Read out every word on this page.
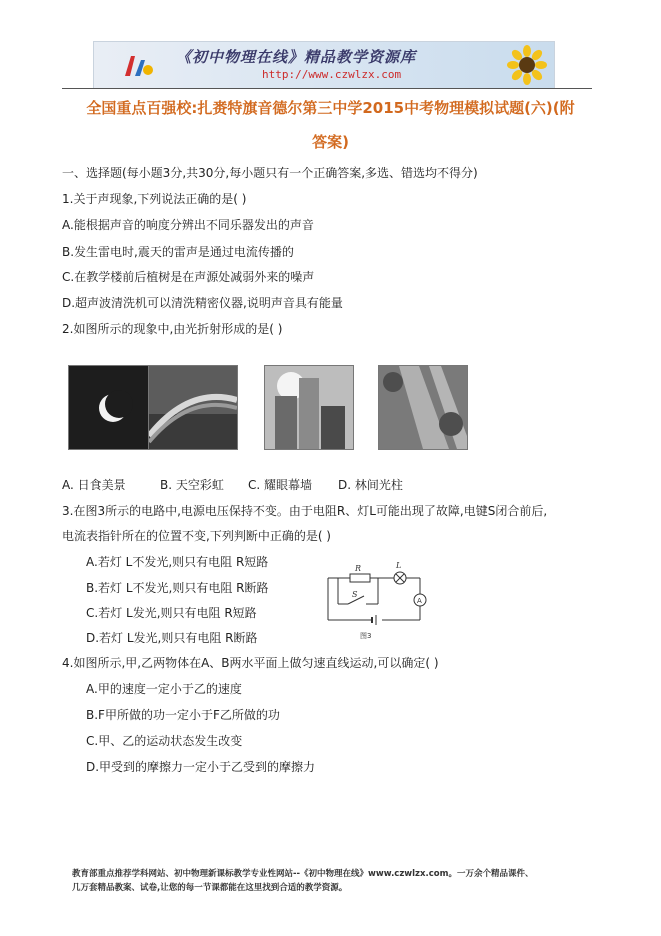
《初中物理在线》精品教学资源库
http://www.czwlzx.com
全国重点百强校:扎赉特旗音德尔第三中学2015中考物理模拟试题(六)(附
答案)
一、选择题(每小题3分,共30分,每小题只有一个正确答案,多选、错选均不得分)
1.关于声现象,下列说法正确的是( )
A.能根据声音的响度分辨出不同乐器发出的声音
B.发生雷电时,震天的雷声是通过电流传播的
C.在教学楼前后植树是在声源处减弱外来的噪声
D.超声波清洗机可以清洗精密仪器,说明声音具有能量
2.如图所示的现象中,由光折射形成的是( )
A. 日食美景	B. 天空彩虹 C. 耀眼幕墙 D. 林间光柱
3.在图3所示的电路中,电源电压保持不变。由于电阻R、灯L可能出现了故障,电键S闭合前后,
电流表指针所在的位置不变,下列判断中正确的是( )
A.若灯 L不发光,则只有电阻 R短路
B.若灯 L不发光,则只有电阻 R断路
C.若灯 L发光,则只有电阻 R短路
D.若灯 L发光,则只有电阻 R断路
R	L
S
A
图3
4.如图所示,甲,乙两物体在A、B两水平面上做匀速直线运动,可以确定( )
A.甲的速度一定小于乙的速度
B.F甲所做的功一定小于F乙所做的功
C.甲、乙的运动状态发生改变
D.甲受到的摩擦力一定小于乙受到的摩擦力
教育部重点推荐学科网站、初中物理新课标教学专业性网站--《初中物理在线》www.czwlzx.com。一万余个精品课件、
几万套精品教案、试卷,让您的每一节课都能在这里找到合适的教学资源。
